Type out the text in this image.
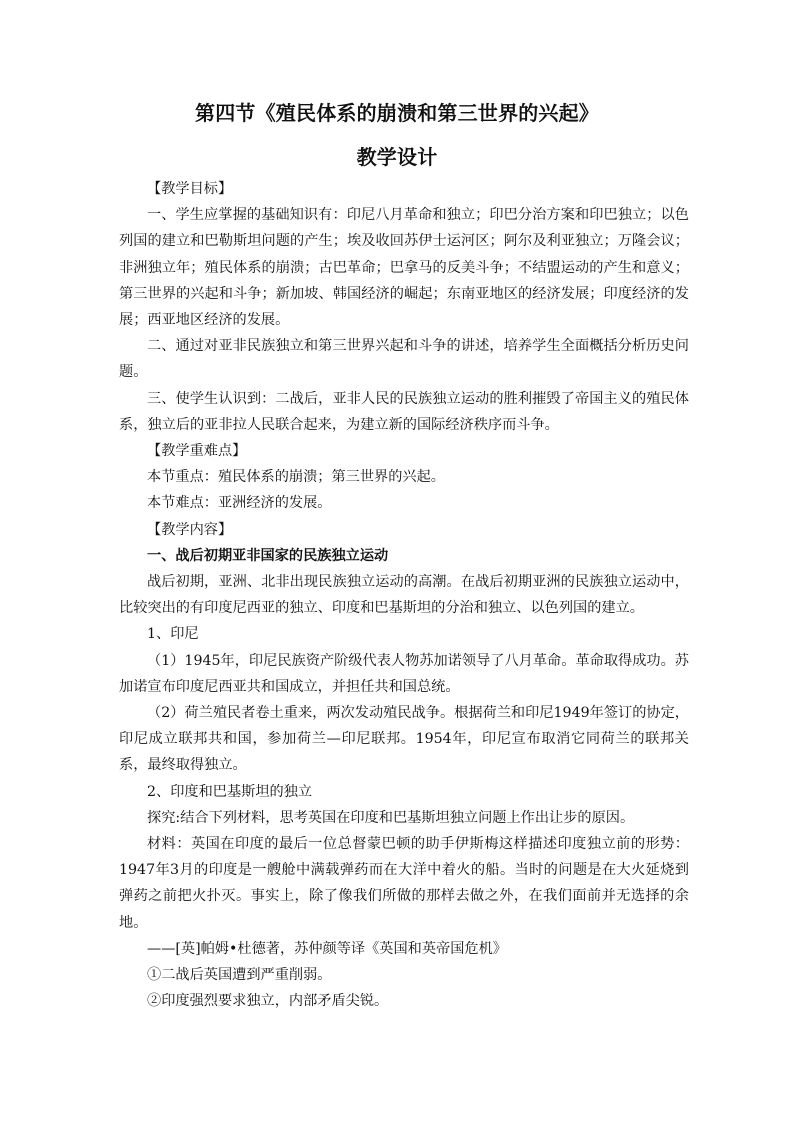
第四节《殖民体系的崩溃和第三世界的兴起》
教学设计

【教学目标】

一、学生应掌握的基础知识有：印尼八月革命和独立；印巴分治方案和印巴独立；以色列国的建立和巴勒斯坦问题的产生；埃及收回苏伊士运河区；阿尔及利亚独立；万隆会议；非洲独立年；殖民体系的崩溃；古巴革命；巴拿马的反美斗争；不结盟运动的产生和意义；第三世界的兴起和斗争；新加坡、韩国经济的崛起；东南亚地区的经济发展；印度经济的发展；西亚地区经济的发展。

二、通过对亚非民族独立和第三世界兴起和斗争的讲述，培养学生全面概括分析历史问题。

三、使学生认识到：二战后，亚非人民的民族独立运动的胜利摧毁了帝国主义的殖民体系，独立后的亚非拉人民联合起来，为建立新的国际经济秩序而斗争。

【教学重难点】

本节重点：殖民体系的崩溃；第三世界的兴起。

本节难点：亚洲经济的发展。

【教学内容】

一、战后初期亚非国家的民族独立运动

战后初期，亚洲、北非出现民族独立运动的高潮。在战后初期亚洲的民族独立运动中，比较突出的有印度尼西亚的独立、印度和巴基斯坦的分治和独立、以色列国的建立。

1、印尼

（1）1945年，印尼民族资产阶级代表人物苏加诺领导了八月革命。革命取得成功。苏加诺宣布印度尼西亚共和国成立，并担任共和国总统。

（2）荷兰殖民者卷土重来，两次发动殖民战争。根据荷兰和印尼1949年签订的协定，印尼成立联邦共和国，参加荷兰—印尼联邦。1954年，印尼宣布取消它同荷兰的联邦关系，最终取得独立。

2、印度和巴基斯坦的独立

探究:结合下列材料，思考英国在印度和巴基斯坦独立问题上作出让步的原因。

材料：英国在印度的最后一位总督蒙巴顿的助手伊斯梅这样描述印度独立前的形势：1947年3月的印度是一艘舱中满载弹药而在大洋中着火的船。当时的问题是在大火延烧到弹药之前把火扑灭。事实上，除了像我们所做的那样去做之外，在我们面前并无选择的余地。

——[英]帕姆•杜德著，苏仲颜等译《英国和英帝国危机》

①二战后英国遭到严重削弱。

②印度强烈要求独立，内部矛盾尖锐。
